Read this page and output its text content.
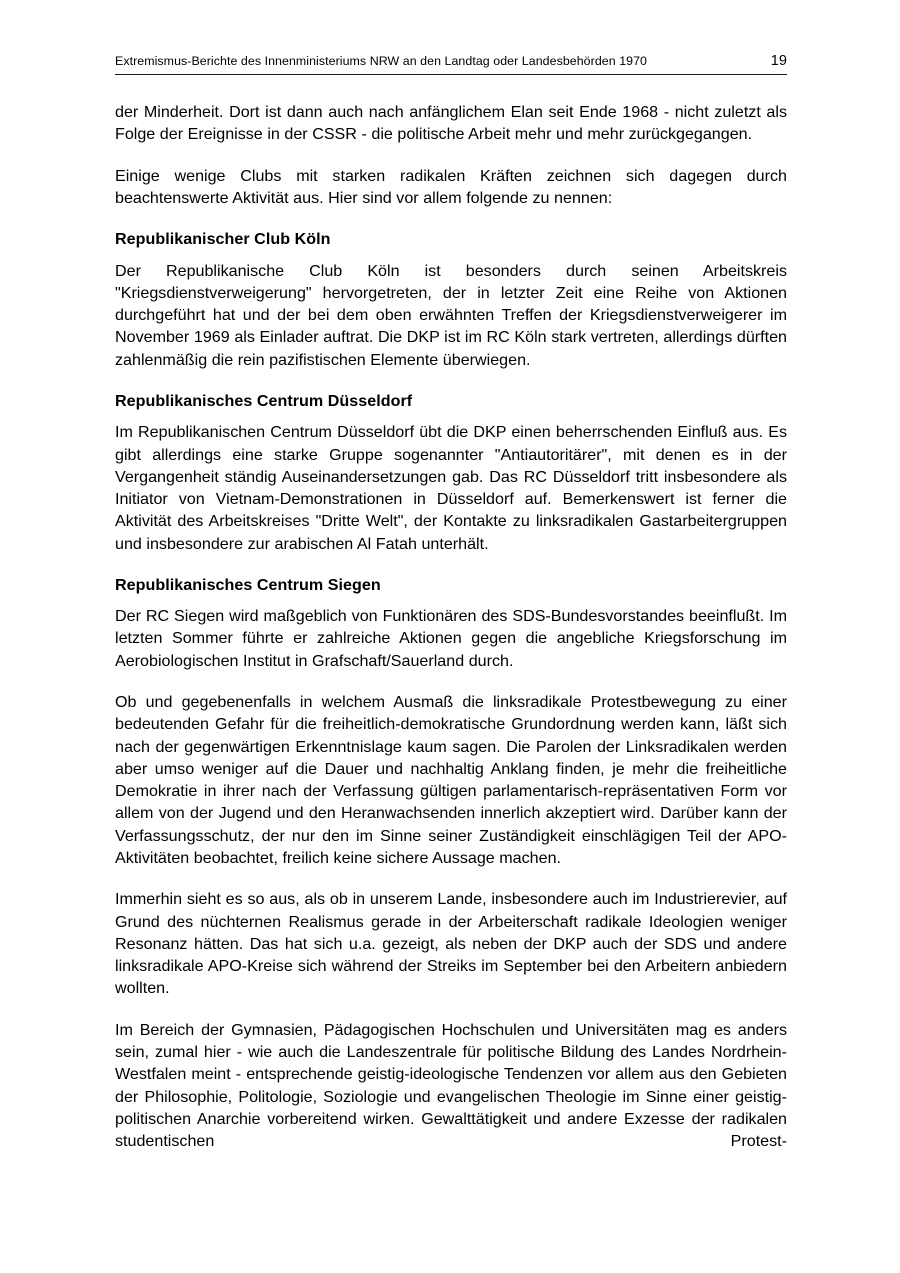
Extremismus-Berichte des Innenministeriums NRW an den Landtag oder Landesbehörden 1970	19

der Minderheit. Dort ist dann auch nach anfänglichem Elan seit Ende 1968 - nicht zuletzt als Folge der Ereignisse in der CSSR - die politische Arbeit mehr und mehr zurückgegangen.

Einige wenige Clubs mit starken radikalen Kräften zeichnen sich dagegen durch beachtenswerte Aktivität aus. Hier sind vor allem folgende zu nennen:

Republikanischer Club Köln

Der Republikanische Club Köln ist besonders durch seinen Arbeitskreis "Kriegsdienstverweigerung" hervorgetreten, der in letzter Zeit eine Reihe von Aktionen durchgeführt hat und der bei dem oben erwähnten Treffen der Kriegsdienstverweigerer im November 1969 als Einlader auftrat. Die DKP ist im RC Köln stark vertreten, allerdings dürften zahlenmäßig die rein pazifistischen Elemente überwiegen.

Republikanisches Centrum Düsseldorf

Im Republikanischen Centrum Düsseldorf übt die DKP einen beherrschenden Einfluß aus. Es gibt allerdings eine starke Gruppe sogenannter "Antiautoritärer", mit denen es in der Vergangenheit ständig Auseinandersetzungen gab. Das RC Düsseldorf tritt insbesondere als Initiator von Vietnam-Demonstrationen in Düsseldorf auf. Bemerkenswert ist ferner die Aktivität des Arbeitskreises "Dritte Welt", der Kontakte zu linksradikalen Gastarbeitergruppen und insbesondere zur arabischen Al Fatah unterhält.

Republikanisches Centrum Siegen

Der RC Siegen wird maßgeblich von Funktionären des SDS-Bundesvorstandes beeinflußt. Im letzten Sommer führte er zahlreiche Aktionen gegen die angebliche Kriegsforschung im Aerobiologischen Institut in Grafschaft/Sauerland durch.

Ob und gegebenenfalls in welchem Ausmaß die linksradikale Protestbewegung zu einer bedeutenden Gefahr für die freiheitlich-demokratische Grundordnung werden kann, läßt sich nach der gegenwärtigen Erkenntnislage kaum sagen. Die Parolen der Linksradikalen werden aber umso weniger auf die Dauer und nachhaltig Anklang finden, je mehr die freiheitliche Demokratie in ihrer nach der Verfassung gültigen parlamentarisch-repräsentativen Form vor allem von der Jugend und den Heranwachsenden innerlich akzeptiert wird. Darüber kann der Verfassungsschutz, der nur den im Sinne seiner Zuständigkeit einschlägigen Teil der APO-Aktivitäten beobachtet, freilich keine sichere Aussage machen.

Immerhin sieht es so aus, als ob in unserem Lande, insbesondere auch im Industrierevier, auf Grund des nüchternen Realismus gerade in der Arbeiterschaft radikale Ideologien weniger Resonanz hätten. Das hat sich u.a. gezeigt, als neben der DKP auch der SDS und andere linksradikale APO-Kreise sich während der Streiks im September bei den Arbeitern anbiedern wollten.

Im Bereich der Gymnasien, Pädagogischen Hochschulen und Universitäten mag es anders sein, zumal hier - wie auch die Landeszentrale für politische Bildung des Landes Nordrhein-Westfalen meint - entsprechende geistig-ideologische Tendenzen vor allem aus den Gebieten der Philosophie, Politologie, Soziologie und evangelischen Theologie im Sinne einer geistig-politischen Anarchie vorbereitend wirken. Gewalttätigkeit und andere Exzesse der radikalen studentischen Protest-
